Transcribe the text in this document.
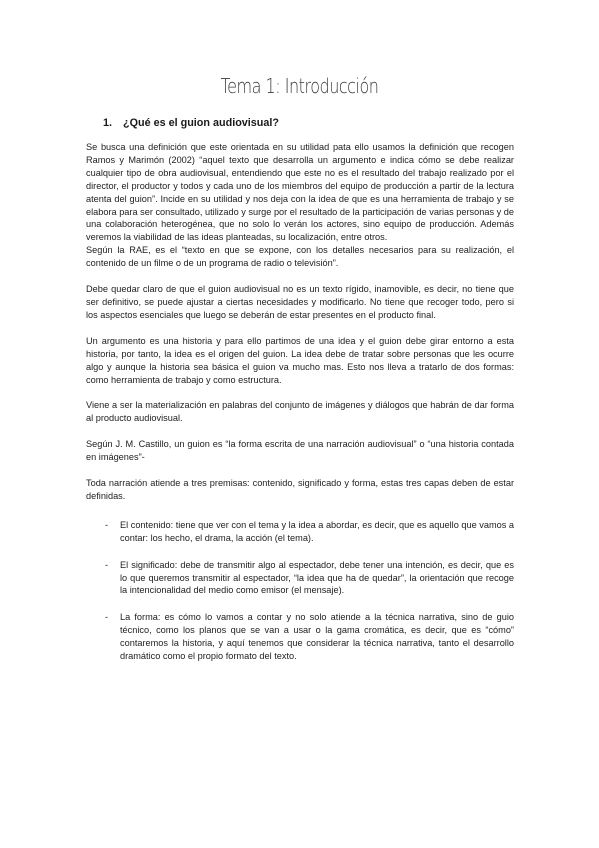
Tema 1: Introducción
1. ¿Qué es el guion audiovisual?

Se busca una definición que este orientada en su utilidad pata ello usamos la definición que recogen Ramos y Marimón (2002) “aquel texto que desarrolla un argumento e indica cómo se debe realizar cualquier tipo de obra audiovisual, entendiendo que este no es el resultado del trabajo realizado por el director, el productor y todos y cada uno de los miembros del equipo de producción a partir de la lectura atenta del guion”. Incide en su utilidad y nos deja con la idea de que es una herramienta de trabajo y se elabora para ser consultado, utilizado y surge por el resultado de la participación de varias personas y de una colaboración heterogénea, que no solo lo verán los actores, sino equipo de producción. Además veremos la viabilidad de las ideas planteadas, su localización, entre otros.

Según la RAE, es el “texto en que se expone, con los detalles necesarios para su realización, el contenido de un filme o de un programa de radio o televisión”.

Debe quedar claro de que el guion audiovisual no es un texto rígido, inamovible, es decir, no tiene que ser definitivo, se puede ajustar a ciertas necesidades y modificarlo. No tiene que recoger todo, pero si los aspectos esenciales que luego se deberán de estar presentes en el producto final.

Un argumento es una historia y para ello partimos de una idea y el guion debe girar entorno a esta historia, por tanto, la idea es el origen del guion. La idea debe de tratar sobre personas que les ocurre algo y aunque la historia sea básica el guion va mucho mas. Esto nos lleva a tratarlo de dos formas: como herramienta de trabajo y como estructura.

Viene a ser la materialización en palabras del conjunto de imágenes y diálogos que habrán de dar forma al producto audiovisual.

Según J. M. Castillo, un guion es “la forma escrita de una narración audiovisual” o “una historia contada en imágenes”-

Toda narración atiende a tres premisas: contenido, significado y forma, estas tres capas deben de estar definidas.

- El contenido: tiene que ver con el tema y la idea a abordar, es decir, que es aquello que vamos a contar: los hecho, el drama, la acción (el tema).
- El significado: debe de transmitir algo al espectador, debe tener una intención, es decir, que es lo que queremos transmitir al espectador, “la idea que ha de quedar”, la orientación que recoge la intencionalidad del medio como emisor (el mensaje).
- La forma: es cómo lo vamos a contar y no solo atiende a la técnica narrativa, sino de guio técnico, como los planos que se van a usar o la gama cromática, es decir, que es “cómo” contaremos la historia, y aquí tenemos que considerar la técnica narrativa, tanto el desarrollo dramático como el propio formato del texto.
